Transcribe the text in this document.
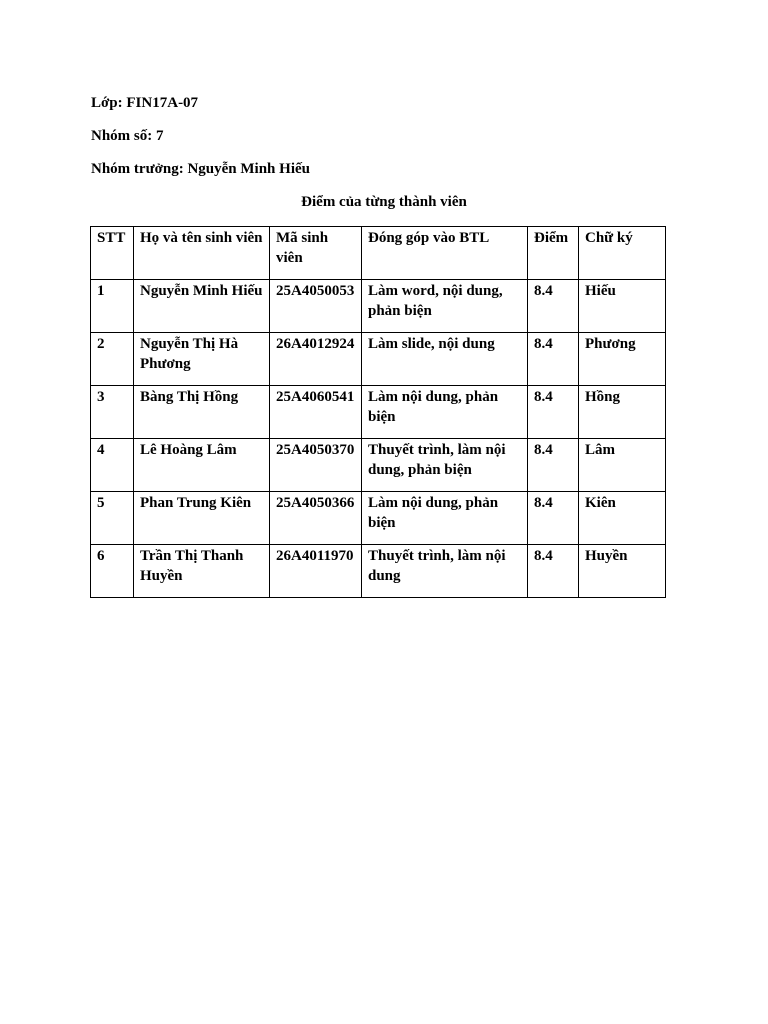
Lớp: FIN17A-07
Nhóm số: 7
Nhóm trưởng: Nguyễn Minh Hiếu
Điểm của từng thành viên
STT	Họ và tên sinh viên	Mã sinh viên	Đóng góp vào BTL	Điểm	Chữ ký
1	Nguyễn Minh Hiếu	25A4050053	Làm word, nội dung, phản biện	8.4	Hiếu
2	Nguyễn Thị Hà Phương	26A4012924	Làm slide, nội dung	8.4	Phương
3	Bàng Thị Hồng	25A4060541	Làm nội dung, phản biện	8.4	Hồng
4	Lê Hoàng Lâm	25A4050370	Thuyết trình, làm nội dung, phản biện	8.4	Lâm
5	Phan Trung Kiên	25A4050366	Làm nội dung, phản biện	8.4	Kiên
6	Trần Thị Thanh Huyền	26A4011970	Thuyết trình, làm nội dung	8.4	Huyền
